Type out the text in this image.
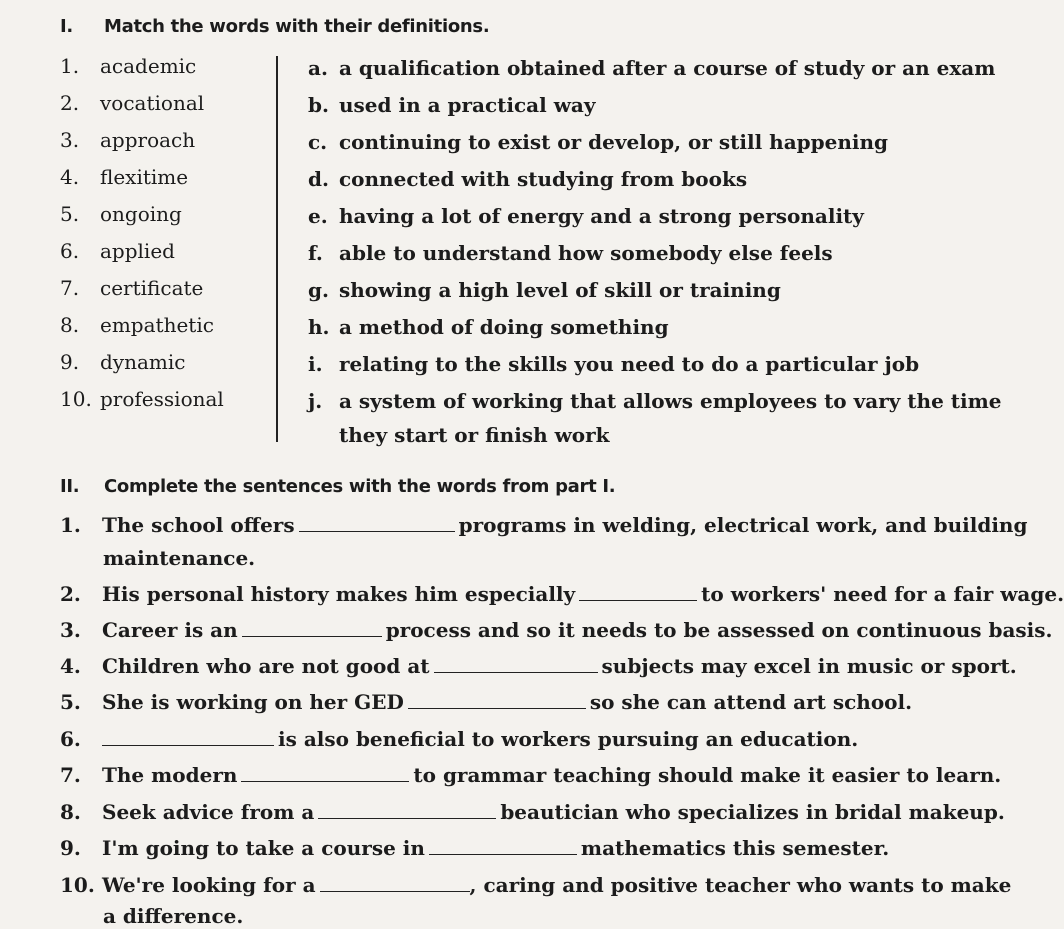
I. Match the words with their definitions.
1. academic
2. vocational
3. approach
4. flexitime
5. ongoing
6. applied
7. certificate
8. empathetic
9. dynamic
10. professional
a. a qualification obtained after a course of study or an exam
b. used in a practical way
c. continuing to exist or develop, or still happening
d. connected with studying from books
e. having a lot of energy and a strong personality
f. able to understand how somebody else feels
g. showing a high level of skill or training
h. a method of doing something
i. relating to the skills you need to do a particular job
j. a system of working that allows employees to vary the time
they start or finish work
II. Complete the sentences with the words from part I.
1. The school offers	programs in welding, electrical work, and building
maintenance.
2. His personal history makes him especially	to workers' need for a fair wage.
3. Career is an	process and so it needs to be assessed on continuous basis.
4. Children who are not good at	subjects may excel in music or sport.
5. She is working on her GED	so she can attend art school.
6.	is also beneficial to workers pursuing an education.
7. The modern	to grammar teaching should make it easier to learn.
8. Seek advice from a	beautician who specializes in bridal makeup.
9. I'm going to take a course in	mathematics this semester.
10. We're looking for a	, caring and positive teacher who wants to make
a difference.
